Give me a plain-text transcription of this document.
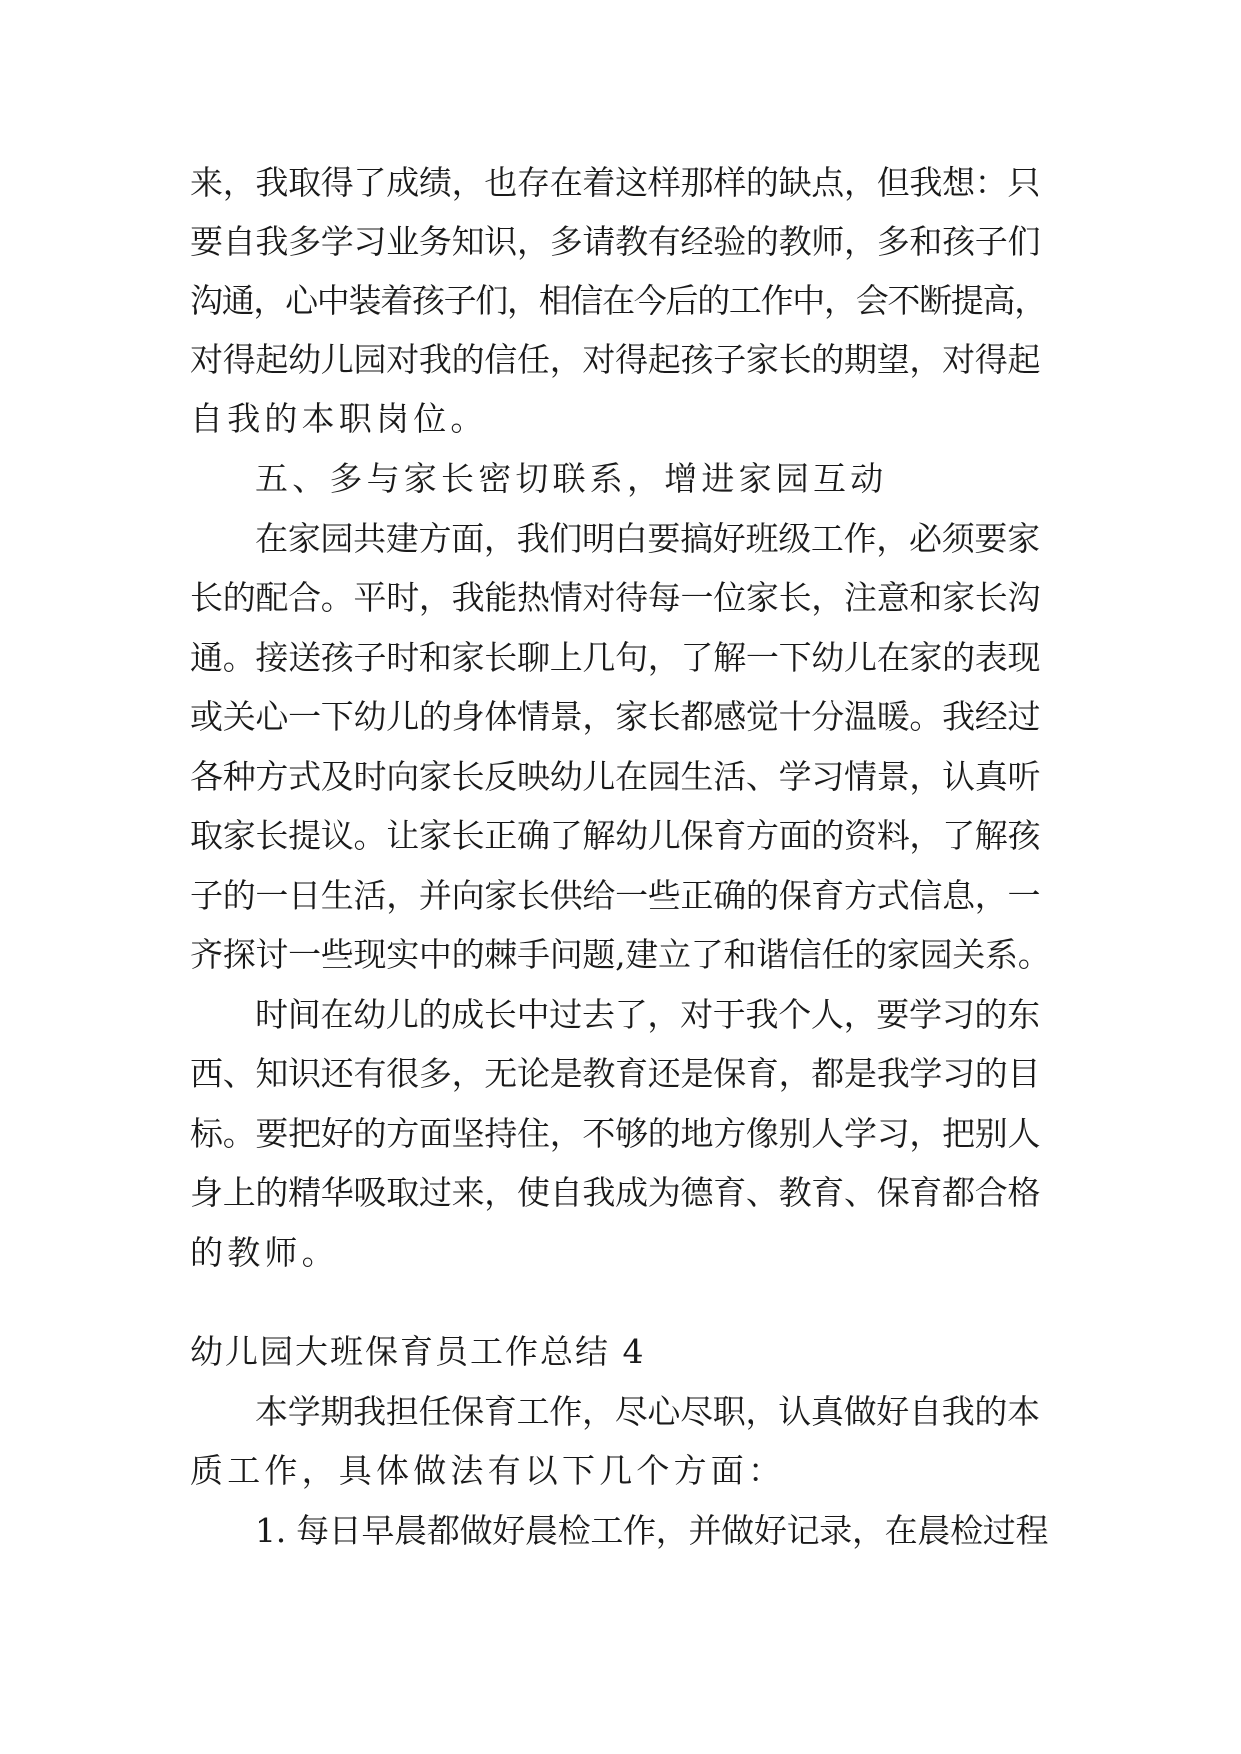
来，我取得了成绩，也存在着这样那样的缺点，但我想：只
要自我多学习业务知识，多请教有经验的教师，多和孩子们
沟通，心中装着孩子们，相信在今后的工作中，会不断提高，
对得起幼儿园对我的信任，对得起孩子家长的期望，对得起
自我的本职岗位。
五、多与家长密切联系，增进家园互动
在家园共建方面，我们明白要搞好班级工作，必须要家
长的配合。平时，我能热情对待每一位家长，注意和家长沟
通。接送孩子时和家长聊上几句，了解一下幼儿在家的表现
或关心一下幼儿的身体情景，家长都感觉十分温暖。我经过
各种方式及时向家长反映幼儿在园生活、学习情景，认真听
取家长提议。让家长正确了解幼儿保育方面的资料，了解孩
子的一日生活，并向家长供给一些正确的保育方式信息，一
齐探讨一些现实中的棘手问题,建立了和谐信任的家园关系。
时间在幼儿的成长中过去了，对于我个人，要学习的东
西、知识还有很多，无论是教育还是保育，都是我学习的目
标。要把好的方面坚持住，不够的地方像别人学习，把别人
身上的精华吸取过来，使自我成为德育、教育、保育都合格
的教师。
幼儿园大班保育员工作总结 4
本学期我担任保育工作，尽心尽职，认真做好自我的本
质工作，具体做法有以下几个方面：
1. 每日早晨都做好晨检工作，并做好记录，在晨检过程
